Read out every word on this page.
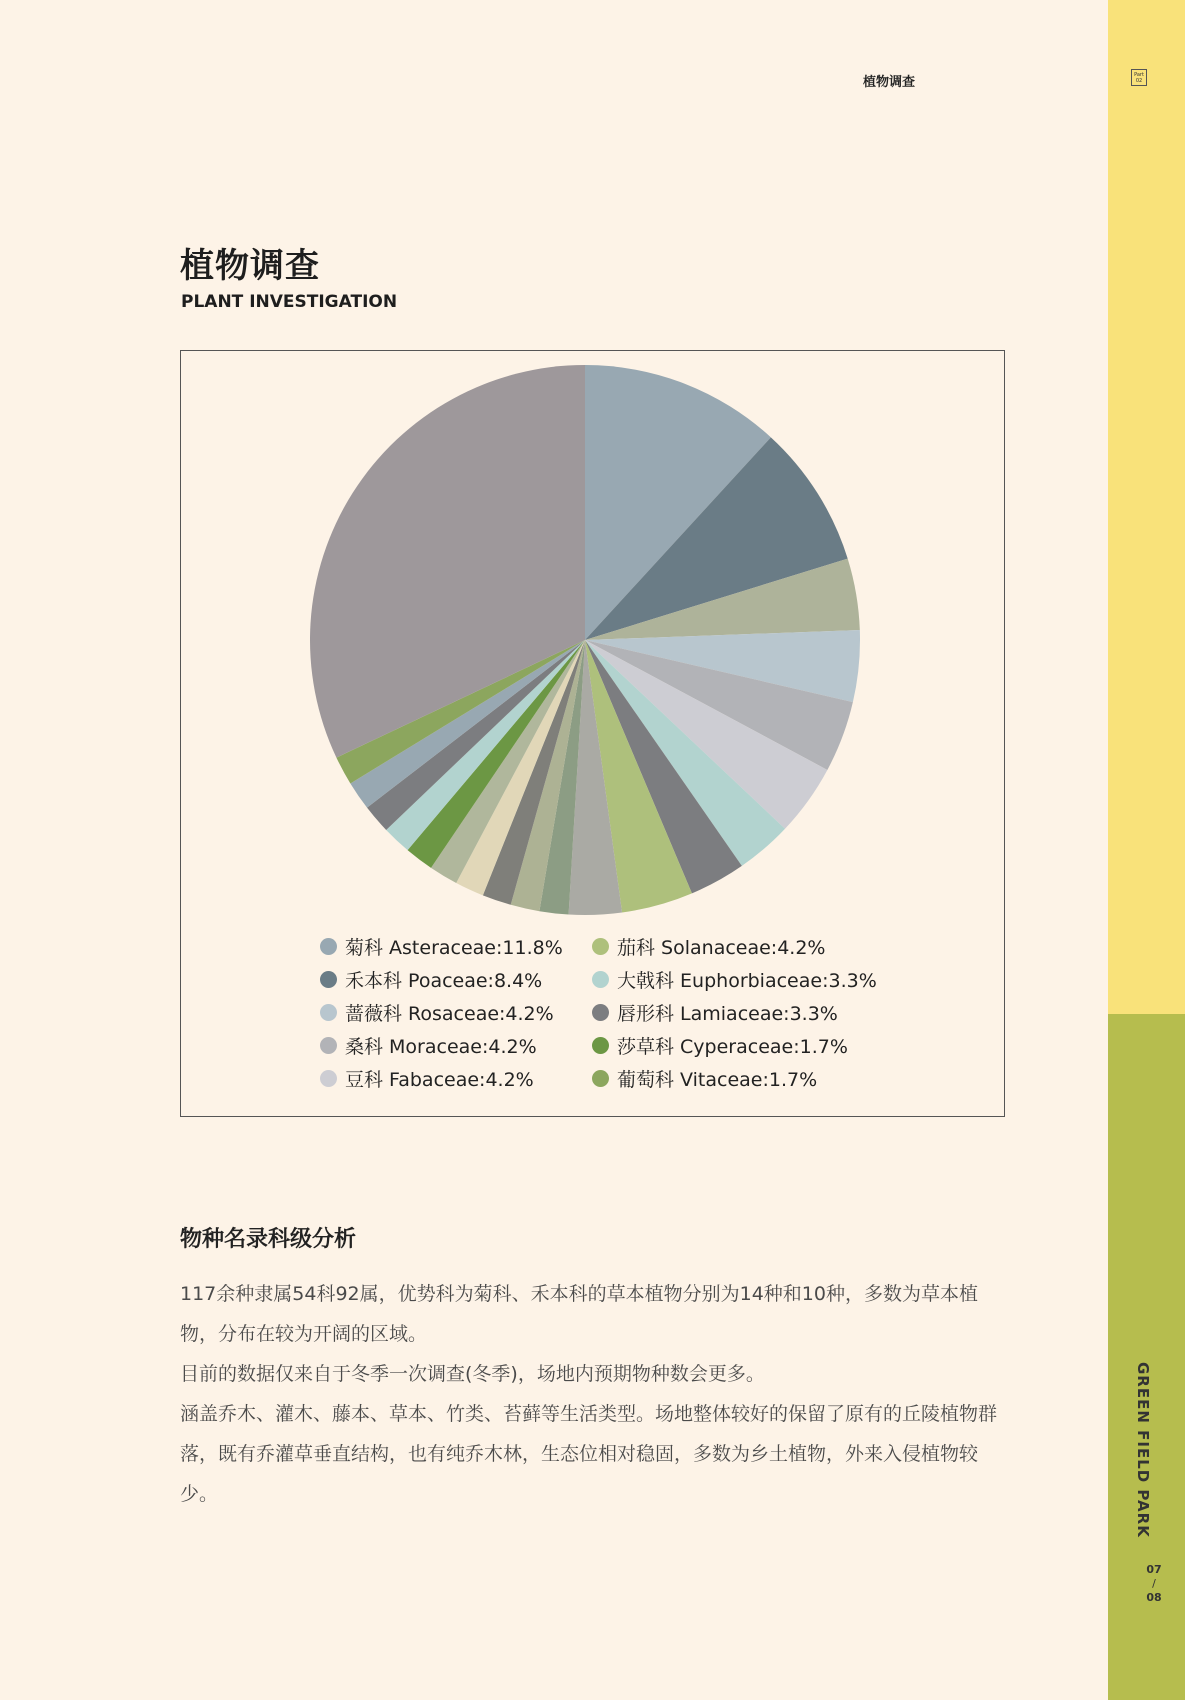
植物调查	Part
02
GREEN FIELD PARK
07
/
08
植物调查
PLANT INVESTIGATION
菊科 Asteraceae:11.8%
禾本科 Poaceae:8.4%
蔷薇科 Rosaceae:4.2%
桑科 Moraceae:4.2%
豆科 Fabaceae:4.2%
茄科 Solanaceae:4.2%
大戟科 Euphorbiaceae:3.3%
唇形科 Lamiaceae:3.3%
莎草科 Cyperaceae:1.7%
葡萄科 Vitaceae:1.7%
物种名录科级分析

117余种隶属54科92属，优势科为菊科、禾本科的草本植物分别为14种和10种，多数为草本植物，分布在较为开阔的区域。

目前的数据仅来自于冬季一次调查(冬季)，场地内预期物种数会更多。

涵盖乔木、灌木、藤本、草本、竹类、苔藓等生活类型。场地整体较好的保留了原有的丘陵植物群落，既有乔灌草垂直结构，也有纯乔木林，生态位相对稳固，多数为乡土植物，外来入侵植物较少。
